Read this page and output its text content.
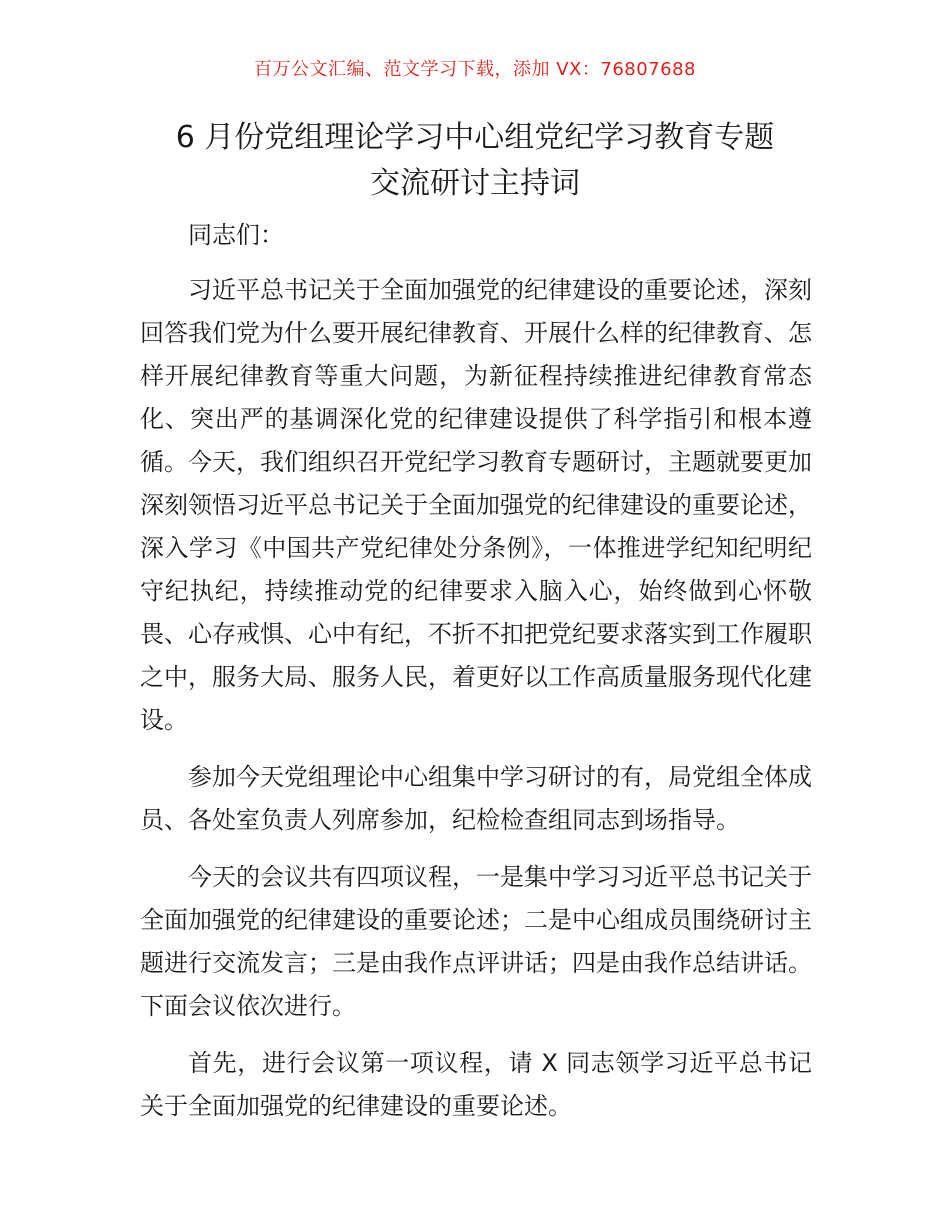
百万公文汇编、范文学习下载，添加 VX：76807688
6 月份党组理论学习中心组党纪学习教育专题
交流研讨主持词

同志们：

习近平总书记关于全面加强党的纪律建设的重要论述，深刻回答我们党为什么要开展纪律教育、开展什么样的纪律教育、怎样开展纪律教育等重大问题，为新征程持续推进纪律教育常态化、突出严的基调深化党的纪律建设提供了科学指引和根本遵循。今天，我们组织召开党纪学习教育专题研讨，主题就要更加深刻领悟习近平总书记关于全面加强党的纪律建设的重要论述，深入学习《中国共产党纪律处分条例》，一体推进学纪知纪明纪守纪执纪，持续推动党的纪律要求入脑入心，始终做到心怀敬畏、心存戒惧、心中有纪，不折不扣把党纪要求落实到工作履职之中，服务大局、服务人民，着更好以工作高质量服务现代化建设。

参加今天党组理论中心组集中学习研讨的有，局党组全体成员、各处室负责人列席参加，纪检检查组同志到场指导。

今天的会议共有四项议程，一是集中学习习近平总书记关于全面加强党的纪律建设的重要论述；二是中心组成员围绕研讨主题进行交流发言；三是由我作点评讲话；四是由我作总结讲话。下面会议依次进行。

首先，进行会议第一项议程，请 X 同志领学习近平总书记关于全面加强党的纪律建设的重要论述。
